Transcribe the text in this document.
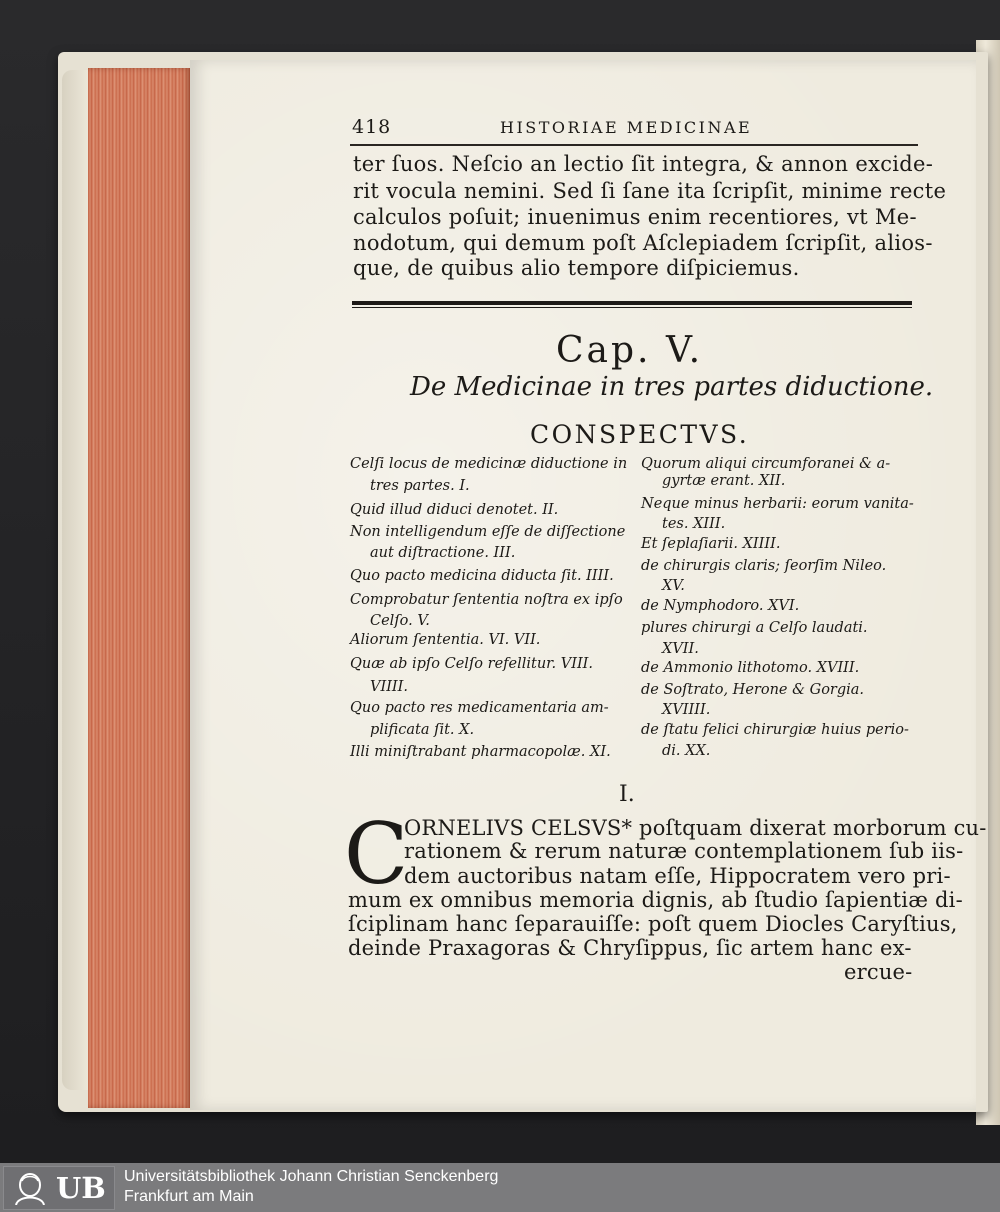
418	HISTORIAE MEDICINAE
ter ſuos. Neſcio an lectio ſit integra, & annon excide-
rit vocula nemini. Sed ſi ſane ita ſcripſit, minime recte
calculos poſuit; inuenimus enim recentiores, vt Me-
nodotum, qui demum poſt Aſclepiadem ſcripſit, alios-
que, de quibus alio tempore diſpiciemus.
Cap. V.
De Medicinae in tres partes diductione.
CONSPECTVS.
Celſi locus de medicinæ diductione in
tres partes. I.
Quid illud diduci denotet. II.
Non intelligendum eſſe de diſſectione
aut diſtractione. III.
Quo pacto medicina diducta ſit. IIII.
Comprobatur ſententia noſtra ex ipſo
Celſo. V.
Aliorum ſententia. VI. VII.
Quæ ab ipſo Celſo refellitur. VIII.
VIIII.
Quo pacto res medicamentaria am-
plificata ſit. X.
Illi miniſtrabant pharmacopolæ. XI.
Quorum aliqui circumforanei & a-
gyrtæ erant. XII.
Neque minus herbarii: eorum vanita-
tes. XIII.
Et ſeplaſiarii. XIIII.
de chirurgis claris; ſeorſim Nileo.
XV.
de Nymphodoro. XVI.
plures chirurgi a Celſo laudati.
XVII.
de Ammonio lithotomo. XVIII.
de Soſtrato, Herone & Gorgia.
XVIIII.
de ſtatu felici chirurgiæ huius perio-
di. XX.
I.
C
ORNELIVS CELSVS* poſtquam dixerat morborum cu-
rationem & rerum naturæ contemplationem ſub iis-
dem auctoribus natam eſſe, Hippocratem vero pri-
mum ex omnibus memoria dignis, ab ſtudio ſapientiæ di-
ſciplinam hanc ſeparauiſſe: poſt quem Diocles Caryſtius,
deinde Praxagoras & Chryſippus, ſic artem hanc ex-
ercue-
UB Universitätsbibliothek Johann Christian Senckenberg
Frankfurt am Main
